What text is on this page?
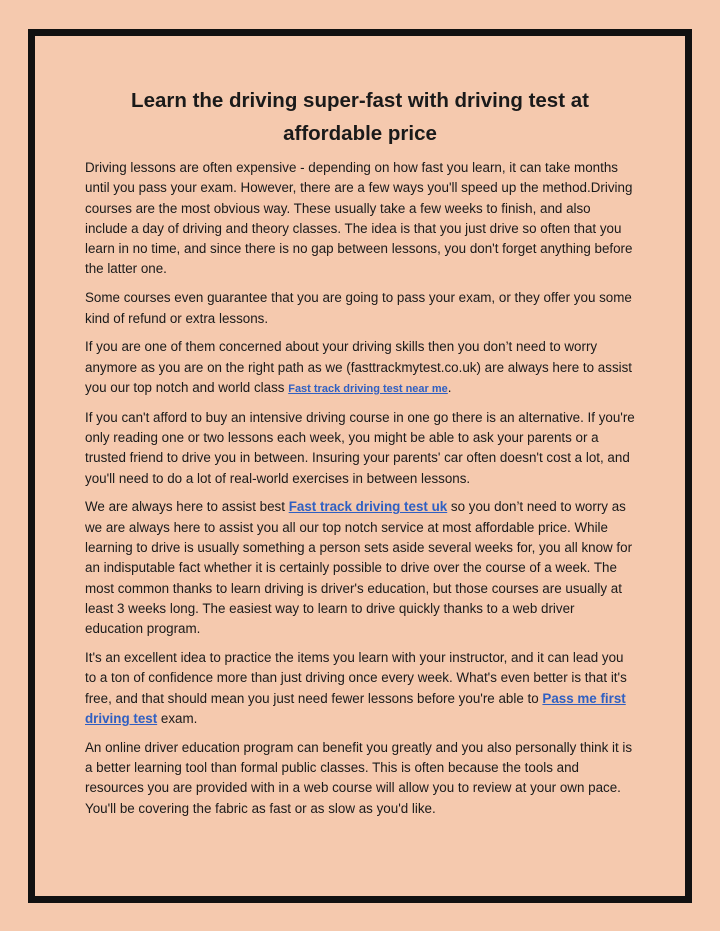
Learn the driving super-fast with driving test at affordable price

Driving lessons are often expensive - depending on how fast you learn, it can take months until you pass your exam. However, there are a few ways you'll speed up the method.Driving courses are the most obvious way. These usually take a few weeks to finish, and also include a day of driving and theory classes. The idea is that you just drive so often that you learn in no time, and since there is no gap between lessons, you don't forget anything before the latter one.

Some courses even guarantee that you are going to pass your exam, or they offer you some kind of refund or extra lessons.

If you are one of them concerned about your driving skills then you don’t need to worry anymore as you are on the right path as we (fasttrackmytest.co.uk) are always here to assist you our top notch and world class Fast track driving test near me.

If you can't afford to buy an intensive driving course in one go there is an alternative. If you're only reading one or two lessons each week, you might be able to ask your parents or a trusted friend to drive you in between. Insuring your parents' car often doesn't cost a lot, and you'll need to do a lot of real-world exercises in between lessons.

We are always here to assist best Fast track driving test uk so you don’t need to worry as we are always here to assist you all our top notch service at most affordable price. While learning to drive is usually something a person sets aside several weeks for, you all know for an indisputable fact whether it is certainly possible to drive over the course of a week. The most common thanks to learn driving is driver's education, but those courses are usually at least 3 weeks long. The easiest way to learn to drive quickly thanks to a web driver education program.

It's an excellent idea to practice the items you learn with your instructor, and it can lead you to a ton of confidence more than just driving once every week. What's even better is that it's free, and that should mean you just need fewer lessons before you're able to Pass me first driving test exam.

An online driver education program can benefit you greatly and you also personally think it is a better learning tool than formal public classes. This is often because the tools and resources you are provided with in a web course will allow you to review at your own pace. You'll be covering the fabric as fast or as slow as you'd like.
